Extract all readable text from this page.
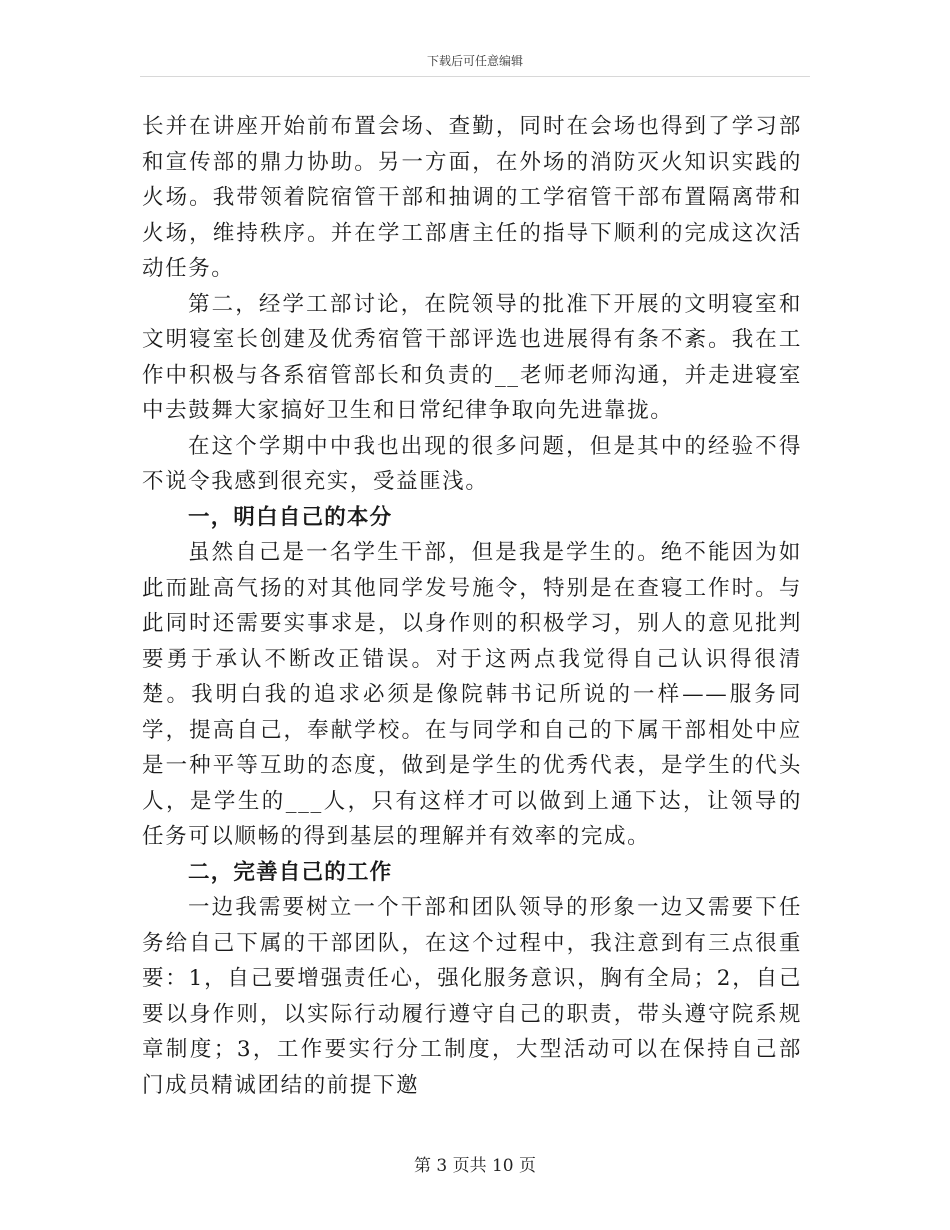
下载后可任意编辑

长并在讲座开始前布置会场、查勤，同时在会场也得到了学习部和宣传部的鼎力协助。另一方面，在外场的消防灭火知识实践的火场。我带领着院宿管干部和抽调的工学宿管干部布置隔离带和火场，维持秩序。并在学工部唐主任的指导下顺利的完成这次活动任务。

第二，经学工部讨论，在院领导的批准下开展的文明寝室和文明寝室长创建及优秀宿管干部评选也进展得有条不紊。我在工作中积极与各系宿管部长和负责的__老师老师沟通，并走进寝室中去鼓舞大家搞好卫生和日常纪律争取向先进靠拢。

在这个学期中中我也出现的很多问题，但是其中的经验不得不说令我感到很充实，受益匪浅。

一，明白自己的本分

虽然自己是一名学生干部，但是我是学生的。绝不能因为如此而趾高气扬的对其他同学发号施令，特别是在查寝工作时。与此同时还需要实事求是，以身作则的积极学习，别人的意见批判要勇于承认不断改正错误。对于这两点我觉得自己认识得很清楚。我明白我的追求必须是像院韩书记所说的一样——服务同学，提高自己，奉献学校。在与同学和自己的下属干部相处中应是一种平等互助的态度，做到是学生的优秀代表，是学生的代头人，是学生的___人，只有这样才可以做到上通下达，让领导的任务可以顺畅的得到基层的理解并有效率的完成。

二，完善自己的工作

一边我需要树立一个干部和团队领导的形象一边又需要下任务给自己下属的干部团队，在这个过程中，我注意到有三点很重要：1，自己要增强责任心，强化服务意识，胸有全局；2，自己要以身作则，以实际行动履行遵守自己的职责，带头遵守院系规章制度；3，工作要实行分工制度，大型活动可以在保持自己部门成员精诚团结的前提下邀

第 3 页共 10 页
